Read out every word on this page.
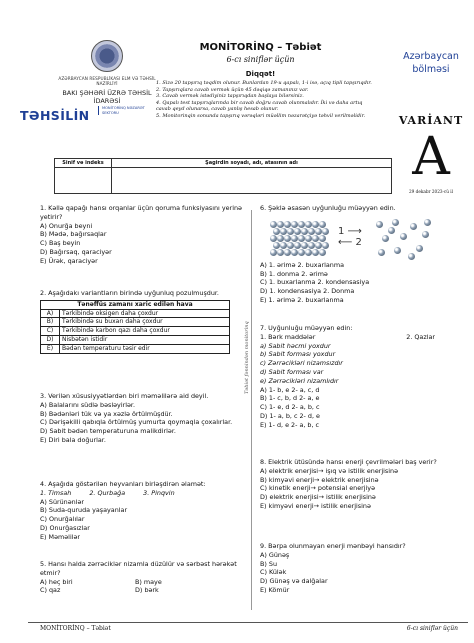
AZƏRBAYCAN RESPUBLİKASI ELM VƏ TƏHSİL NAZİRLİYİ
BAKI ŞƏHƏRİ ÜZRƏ TƏHSİL İDARƏSİ
TƏHSİLİN	MONİTORİNQ NƏZARƏT SEKTORU
MONİTORİNQ – Təbiət
6-cı siniflər üçün
Diqqət!
1. Sizə 20 tapşırıq təqdim olunur. Bunlardan 19-u qapalı, 1-i isə, açıq tipli tapşırıqdır.
2. Tapşırıqlara cavab vermək üçün 45 dəqiqə zamanınız var.
3. Cavab vermək istədiyiniz tapşırıqdan başlaya bilərsiniz.
4. Qapalı test tapşırıqlarında bir cavab doğru cavab olunmalıdır. İki və daha artıq cavab qeyd olunarsa, cavab yanlış hesab olunur.
5. Monitorinqin sonunda tapşırıq vərəqləri müəllim nəzarətçiyə təhvil verilməlidir.
Azərbaycan
bölməsi
VARİANT
A
29 dekabr 2023-cü il
Sinif və indeks	Şagirdin soyadı, adı, atasının adı

Təbiət fənnindən monitorinq
1. Kəllə qapağı hansı orqanlar üçün qoruma funksiyasını yerinə yetirir?
A) Onurğa beyni
B) Mədə, bağırsaqlar
C) Baş beyin
D) Bağırsaq, qaraciyər
E) Ürək, qaraciyər
2. Aşağıdakı variantların birində uyğunluq pozulmuşdur.
Tənəffüs zamanı xaric edilən hava	
A)	Tərkibində oksigen daha çoxdur
B)	Tərkibində su buxarı daha çoxdur
C)	Tərkibində karbon qazı daha çoxdur
D)	Nisbətən istidir
E)	Bədən temperaturu təsir edir
3. Verilən xüsusiyyətlərdən biri məməlilərə aid deyil.
A) Balalarını südlə bəsləyirlər.
B) Bədənləri tük və ya xəzlə örtülmüşdür.
C) Dərişəkilli qabıqla örtülmüş yumurta qoymaqla çoxalırlar.
D) Sabit bədən temperaturuna malikdirlər.
E) Diri bala doğurlar.
4. Aşağıda göstərilən heyvanları birləşdirən əlamət:
1. Timsah	2. Qurbağa	3. Pinqvin
A) Sürünənlər
B) Suda-quruda yaşayanlar
C) Onurğalılar
D) Onurğasızlar
E) Məməlilər
5. Hansı halda zərrəciklər nizamla düzülür və sərbəst hərəkət etmir?
A) heç biri	B) maye
C) qaz	D) bərk
6. Şəklə əsasən uyğunluğu müəyyən edin.
1 ⟶
⟵ 2
A) 1. ərimə 2. buxarlanma
B) 1. donma 2. ərimə
C) 1. buxarlanma 2. kondensasiya
D) 1. kondensasiya 2. Donma
E) 1. ərimə 2. buxarlanma
7. Uyğunluğu müəyyən edin:
1. Bərk maddələr	2. Qazlar
a) Sabit həcmi yoxdur
b) Sabit forması yoxdur
c) Zərrəcikləri nizamsızdır
d) Sabit forması var
e) Zərrəcikləri nizamlıdır
A) 1- b, e 2- a, c, d
B) 1- c, b, d 2- a, e
C) 1- e, d 2- a, b, c
D) 1- a, b, c 2- d, e
E) 1- d, e 2- a, b, c
8. Elektrik ütüsündə hansı enerji çevrilmələri baş verir?
A) elektrik enerjisi→ işıq və istilik enerjisinə
B) kimyəvi enerji→ elektrik enerjisinə
C) kinetik enerji→ potensial enerjiyə
D) elektrik enerjisi→ istilik enerjisinə
E) kimyəvi enerji→ istilik enerjisinə
9. Bərpa olunmayan enerji mənbəyi hansıdır?
A) Günəş
B) Su
C) Külək
D) Günəş və dalğalar
E) Kömür
MONİTORİNQ – Təbiət	6-cı siniflər üçün
